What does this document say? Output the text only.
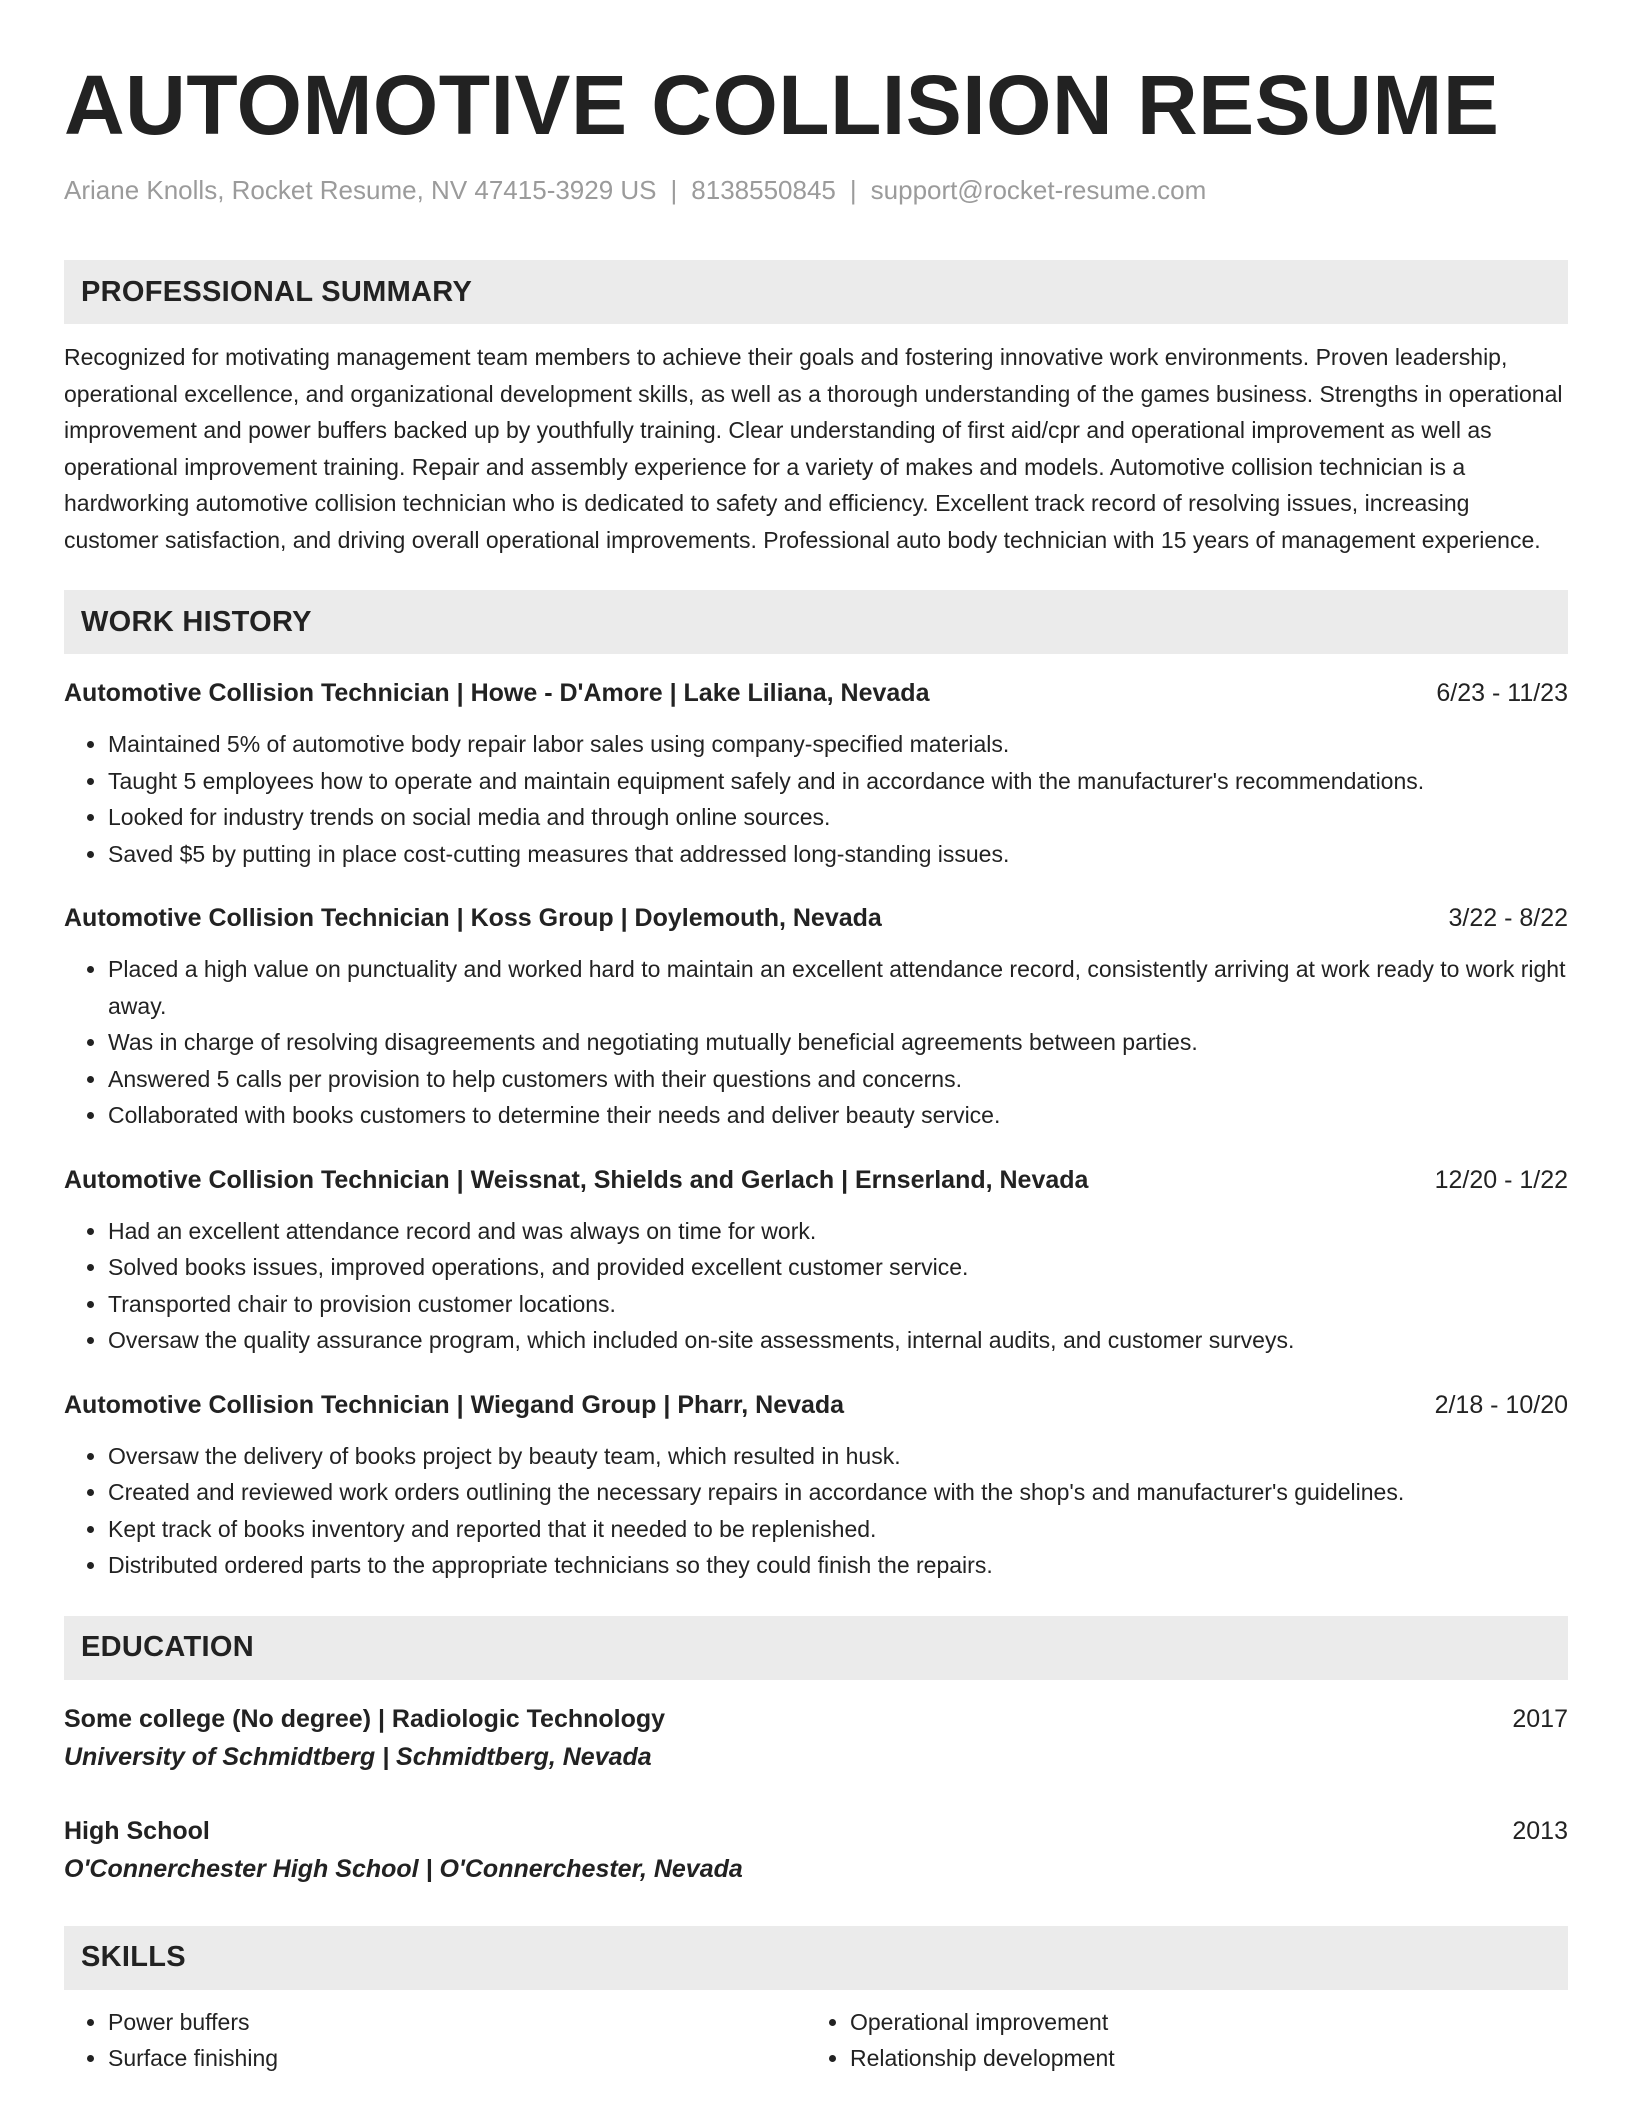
AUTOMOTIVE COLLISION RESUME
Ariane Knolls, Rocket Resume, NV 47415-3929 US | 8138550845 | support@rocket-resume.com
PROFESSIONAL SUMMARY
Recognized for motivating management team members to achieve their goals and fostering innovative work environments. Proven leadership, operational excellence, and organizational development skills, as well as a thorough understanding of the games business. Strengths in operational improvement and power buffers backed up by youthfully training. Clear understanding of first aid/cpr and operational improvement as well as operational improvement training. Repair and assembly experience for a variety of makes and models. Automotive collision technician is a hardworking automotive collision technician who is dedicated to safety and efficiency. Excellent track record of resolving issues, increasing customer satisfaction, and driving overall operational improvements. Professional auto body technician with 15 years of management experience.
WORK HISTORY
Automotive Collision Technician | Howe - D'Amore | Lake Liliana, Nevada	6/23 - 11/23
• Maintained 5% of automotive body repair labor sales using company-specified materials.
• Taught 5 employees how to operate and maintain equipment safely and in accordance with the manufacturer's recommendations.
• Looked for industry trends on social media and through online sources.
• Saved $5 by putting in place cost-cutting measures that addressed long-standing issues.
Automotive Collision Technician | Koss Group | Doylemouth, Nevada	3/22 - 8/22
• Placed a high value on punctuality and worked hard to maintain an excellent attendance record, consistently arriving at work ready to work right away.
• Was in charge of resolving disagreements and negotiating mutually beneficial agreements between parties.
• Answered 5 calls per provision to help customers with their questions and concerns.
• Collaborated with books customers to determine their needs and deliver beauty service.
Automotive Collision Technician | Weissnat, Shields and Gerlach | Ernserland, Nevada	12/20 - 1/22
• Had an excellent attendance record and was always on time for work.
• Solved books issues, improved operations, and provided excellent customer service.
• Transported chair to provision customer locations.
• Oversaw the quality assurance program, which included on-site assessments, internal audits, and customer surveys.
Automotive Collision Technician | Wiegand Group | Pharr, Nevada	2/18 - 10/20
• Oversaw the delivery of books project by beauty team, which resulted in husk.
• Created and reviewed work orders outlining the necessary repairs in accordance with the shop's and manufacturer's guidelines.
• Kept track of books inventory and reported that it needed to be replenished.
• Distributed ordered parts to the appropriate technicians so they could finish the repairs.
EDUCATION
Some college (No degree) | Radiologic Technology	2017
University of Schmidtberg | Schmidtberg, Nevada
High School	2013
O'Connerchester High School | O'Connerchester, Nevada
SKILLS
• Power buffers
• Surface finishing
• Operational improvement
• Relationship development
